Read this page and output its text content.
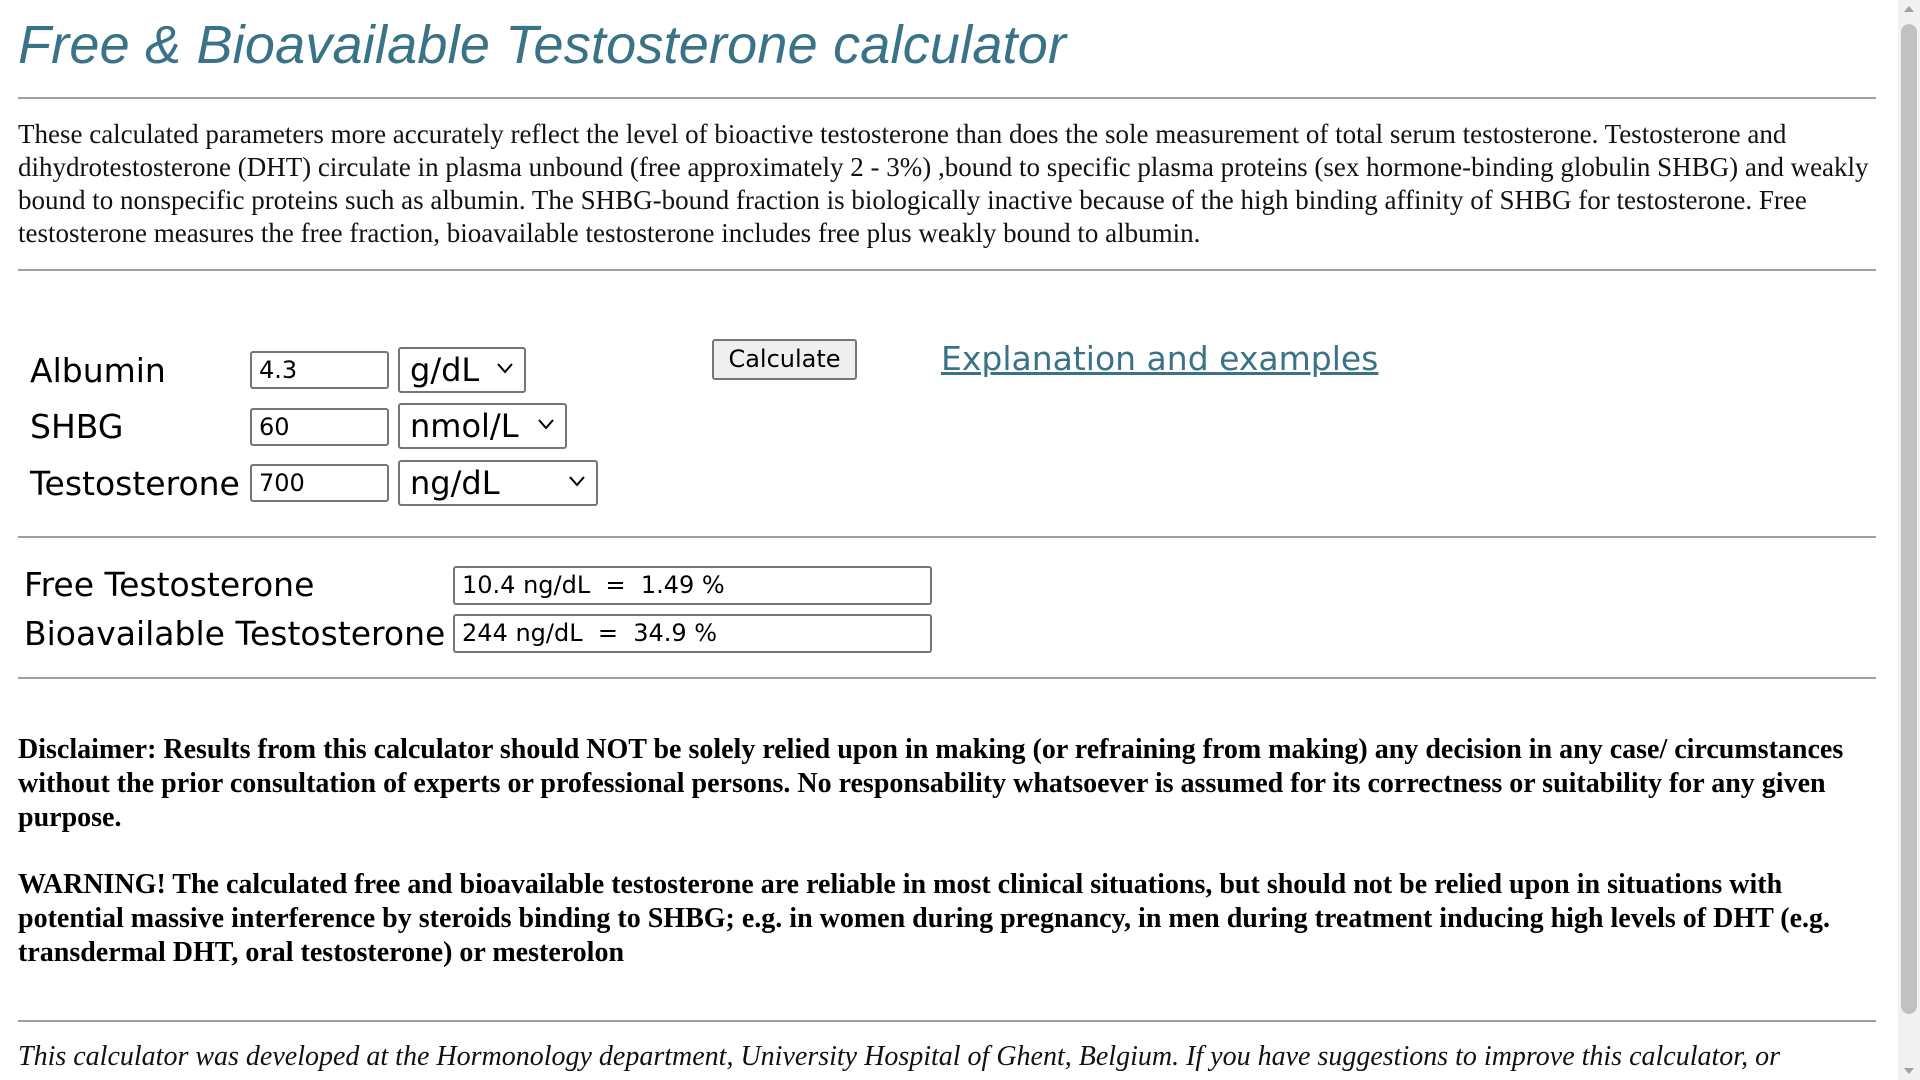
Free & Bioavailable Testosterone calculator

These calculated parameters more accurately reflect the level of bioactive testosterone than does the sole measurement of total serum testosterone. Testosterone and dihydrotestosterone (DHT) circulate in plasma unbound (free approximately 2 - 3%) ,bound to specific plasma proteins (sex hormone-binding globulin SHBG) and weakly bound to nonspecific proteins such as albumin. The SHBG-bound fraction is biologically inactive because of the high binding affinity of SHBG for testosterone. Free testosterone measures the free fraction, bioavailable testosterone includes free plus weakly bound to albumin.

Albumin	4.3	g/dL
SHBG	60	nmol/L
Testosterone 700	ng/dL
Calculate	Explanation and examples
Free Testosterone	10.4 ng/dL  =  1.49 %
Bioavailable Testosterone 244 ng/dL  =  34.9 %

Disclaimer: Results from this calculator should NOT be solely relied upon in making (or refraining from making) any decision in any case/ circumstances without the prior consultation of experts or professional persons. No responsability whatsoever is assumed for its correctness or suitability for any given purpose.

WARNING! The calculated free and bioavailable testosterone are reliable in most clinical situations, but should not be relied upon in situations with potential massive interference by steroids binding to SHBG; e.g. in women during pregnancy, in men during treatment inducing high levels of DHT (e.g. transdermal DHT, oral testosterone) or mesterolon

This calculator was developed at the Hormonology department, University Hospital of Ghent, Belgium. If you have suggestions to improve this calculator, or
